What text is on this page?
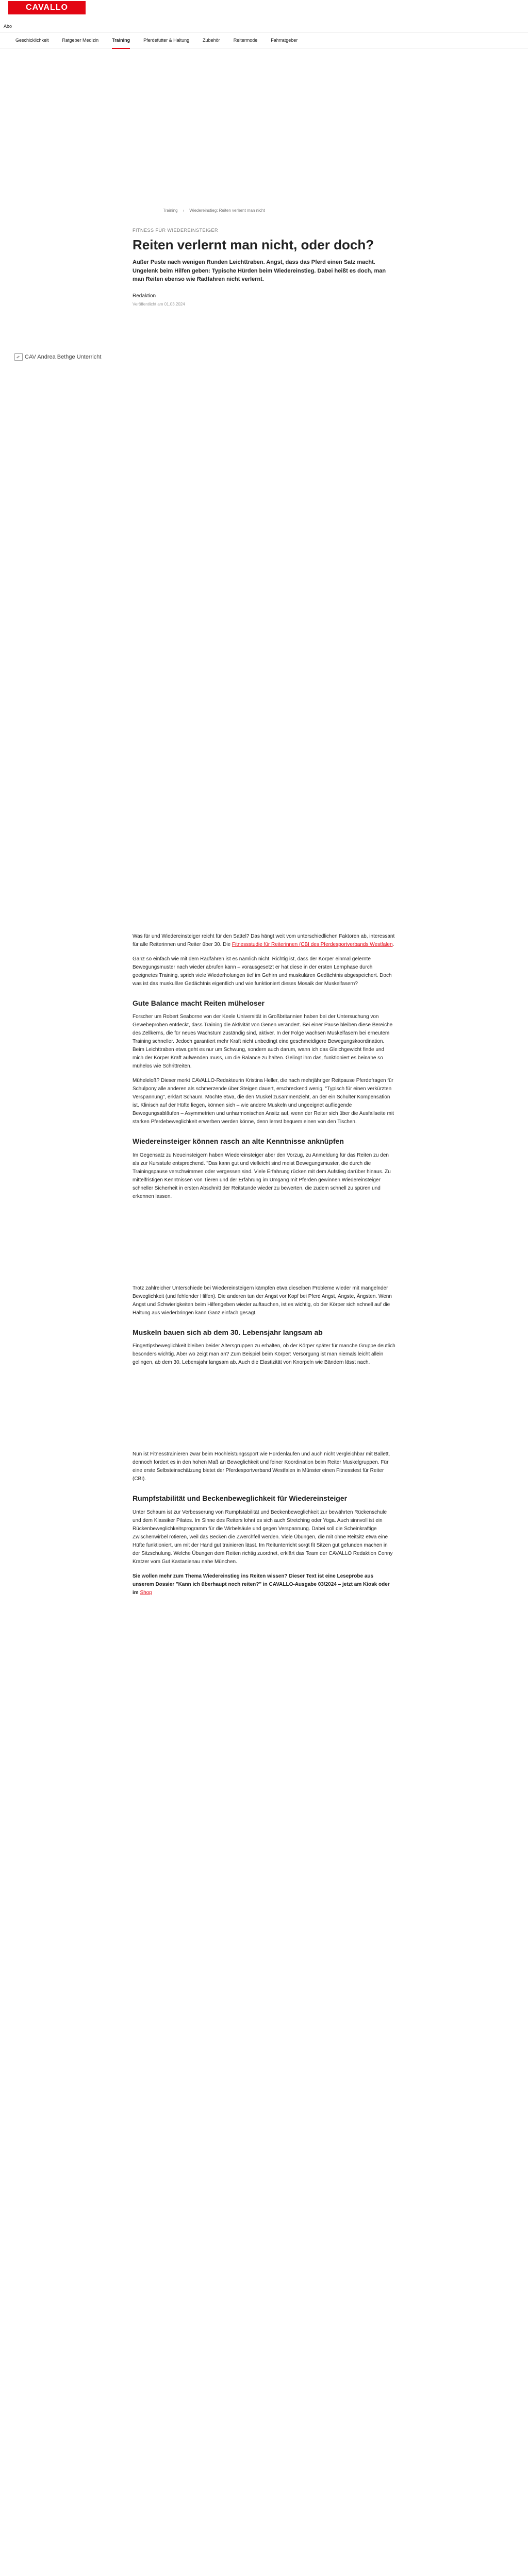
CAVALLO
Abo
Geschicklichkeit	Ratgeber Medizin	Training	Pferdefutter & Haltung	Zubehör	Reitermode	Fahrratgeber
Training › Wiedereinstieg: Reiten verlernt man nicht
FITNESS FÜR WIEDEREINSTEIGER
Reiten verlernt man nicht, oder doch?

Außer Puste nach wenigen Runden Leichttraben. Angst, dass das Pferd einen Satz macht. Ungelenk beim Hilfen geben: Typische Hürden beim Wiedereinstieg. Dabei heißt es doch, man man Reiten ebenso wie Radfahren nicht verlernt.

Redaktion
Veröffentlicht am 01.03.2024
CAV Andrea Bethge Unterricht

Was für und Wiedereinsteiger reicht für den Sattel? Das hängt weit vom unterschiedlichen Faktoren ab, interessant für alle Reiterinnen und Reiter über 30. Die Fitnessstudie für Reiterinnen (CBI des Pferdesportverbands Westfalen.

Ganz so einfach wie mit dem Radfahren ist es nämlich nicht. Richtig ist, dass der Körper einmal gelernte Bewegungsmuster nach wieder abrufen kann – vorausgesetzt er hat diese in der ersten Lernphase durch geeignetes Training, sprich viele Wiederholungen tief im Gehirn und muskulären Gedächtnis abgespeichert. Doch was ist das muskuläre Gedächtnis eigentlich und wie funktioniert dieses Mosaik der Muskelfasern?

Gute Balance macht Reiten müheloser

Forscher um Robert Seaborne von der Keele Universität in Großbritannien haben bei der Untersuchung von Gewebeproben entdeckt, dass Training die Aktivität von Genen verändert. Bei einer Pause bleiben diese Bereiche des Zellkerns, die für neues Wachstum zuständig sind, aktiver. In der Folge wachsen Muskelfasern bei erneutem Training schneller. Jedoch garantiert mehr Kraft nicht unbedingt eine geschmeidigere Bewegungskoordination. Beim Leichttraben etwa geht es nur um Schwung, sondern auch darum, wann ich das Gleichgewicht finde und mich der Körper Kraft aufwenden muss, um die Balance zu halten. Gelingt ihm das, funktioniert es beinahe so mühelos wie Schrittreiten.

Müheleloß? Dieser merkt CAVALLO-Redakteurin Kristina Heller, die nach mehrjähriger Reitpause Pferdefragen für Schulpony alle anderen als schmerzende über Steigen dauert, erschreckend wenig. "Typisch für einen verkürzten Verspannung", erklärt Schaum. Möchte etwa, die den Muskel zusammenzieht, an der ein Schulter Kompensation ist. Klinisch auf der Hüfte liegen, können sich – wie andere Muskeln und ungeeignet aufliegende Bewegungsabläufen – Asymmetrien und unharmonischen Ansitz auf, wenn der Reiter sich über die Ausfallseite mit starken Pferdebeweglichkeit erwerben werden könne, denn lernst bequem einen von den Tischen.

Wiedereinsteiger können rasch an alte Kenntnisse anknüpfen

Im Gegensatz zu Neueinsteigern haben Wiedereinsteiger aber den Vorzug, zu Anmeldung für das Reiten zu den als zur Kursstufe entsprechend. "Das kann gut und vielleicht sind meist Bewegungsmuster, die durch die Trainingspause verschwimmen oder vergessen sind. Viele Erfahrung rücken mit dem Aufstieg darüber hinaus. Zu mittelfristigen Kenntnissen von Tieren und der Erfahrung im Umgang mit Pferden gewinnen Wiedereinsteiger schneller Sicherheit in ersten Abschnitt der Reitstunde wieder zu bewerten, die zudem schnell zu spüren und erkennen lassen.

Trotz zahlreicher Unterschiede bei Wiedereinsteigern kämpfen etwa dieselben Probleme wieder mit mangelnder Beweglichkeit (und fehlender Hilfen). Die anderen tun der Angst vor Kopf bei Pferd Angst, Ängste, Ängsten. Wenn Angst und Schwierigkeiten beim Hilfengeben wieder auftauchen, ist es wichtig, ob der Körper sich schnell auf die Haltung aus wiederbringen kann Ganz einfach gesagt.

Muskeln bauen sich ab dem 30. Lebensjahr langsam ab

Fingertipsbeweglichkeit bleiben beider Altersgruppen zu erhalten, ob der Körper später für manche Gruppe deutlich besonders wichtig. Aber wo zeigt man an? Zum Beispiel beim Körper: Versorgung ist man niemals leicht allein gelingen, ab dem 30. Lebensjahr langsam ab. Auch die Elastizität von Knorpeln wie Bändern lässt nach.

Nun ist Fitnesstrainieren zwar beim Hochleistungssport wie Hürdenlaufen und auch nicht vergleichbar mit Ballett, dennoch fordert es in den hohen Maß an Beweglichkeit und feiner Koordination beim Reiter Muskelgruppen. Für eine erste Selbsteinschätzung bietet der Pferdesportverband Westfalen in Münster einen Fitnesstest für Reiter (CBI).

Rumpfstabilität und Beckenbeweglichkeit für Wiedereinsteiger

Unter Schaum ist zur Verbesserung von Rumpfstabilität und Beckenbeweglichkeit zur bewährten Rückenschule und dem Klassiker Pilates. Im Sinne des Reiters lohnt es sich auch Stretching oder Yoga. Auch sinnvoll ist ein Rückenbeweglichkeitsprogramm für die Wirbelsäule und gegen Verspannung. Dabei soll die Scheinkraftige Zwischenwirbel rotieren, weil das Becken die Zwerchfell werden. Viele Übungen, die mit ohne Reitsitz etwa eine Hüfte funktioniert, um mit der Hand gut trainieren lässt. Im Reitunterricht sorgt fit Sitzen gut gefunden machen in der Sitzschulung. Welche Übungen dem Reiten richtig zuordnet, erklärt das Team der CAVALLO Redaktion Conny Kratzer vom Gut Kastanienau nahe München.

Sie wollen mehr zum Thema Wiedereinstieg ins Reiten wissen? Dieser Text ist eine Leseprobe aus unserem Dossier "Kann ich überhaupt noch reiten?" in CAVALLO-Ausgabe 03/2024 – jetzt am Kiosk oder im Shop
